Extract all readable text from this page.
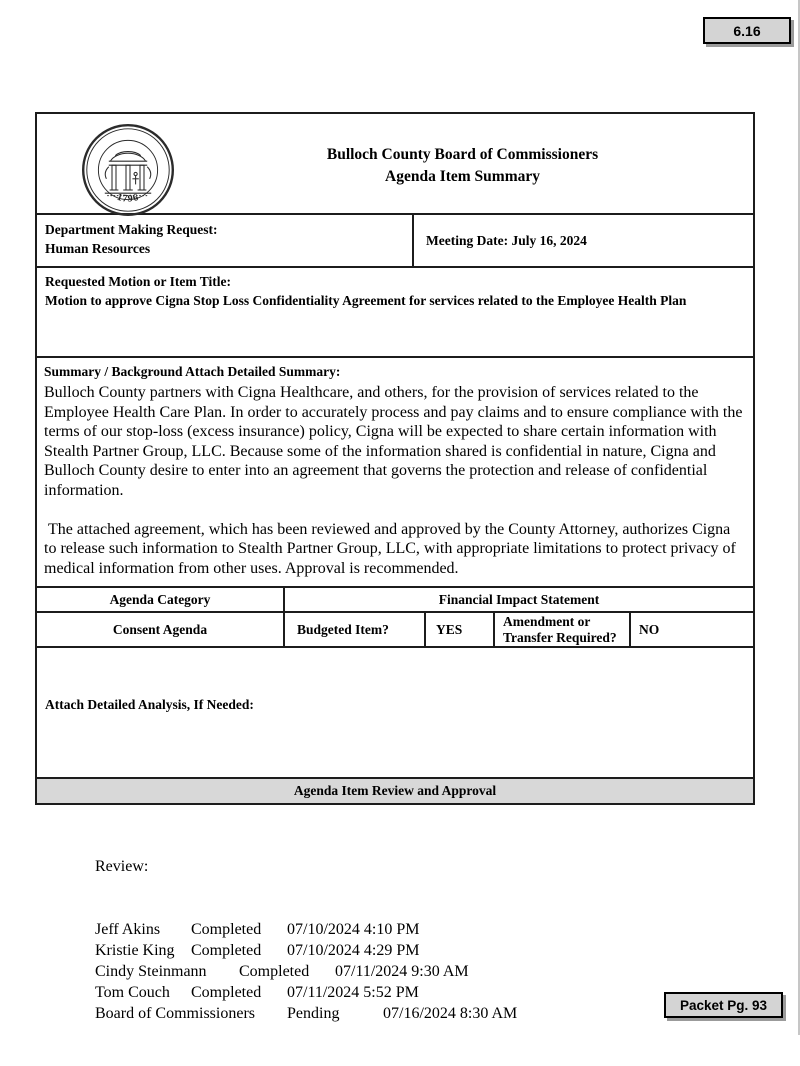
6.16
1796
Bulloch County Board of Commissioners
Agenda Item Summary
Department Making Request:
Human Resources
Meeting Date: July 16, 2024
Requested Motion or Item Title:
Motion to approve Cigna Stop Loss Confidentiality Agreement for services related to the Employee Health Plan
Summary / Background Attach Detailed Summary:
Bulloch County partners with Cigna Healthcare, and others, for the provision of services related to the Employee Health Care Plan. In order to accurately process and pay claims and to ensure compliance with the terms of our stop-loss (excess insurance) policy, Cigna will be expected to share certain information with Stealth Partner Group, LLC. Because some of the information shared is confidential in nature, Cigna and Bulloch County desire to enter into an agreement that governs the protection and release of confidential information.
The attached agreement, which has been reviewed and approved by the County Attorney, authorizes Cigna to release such information to Stealth Partner Group, LLC, with appropriate limitations to protect privacy of medical information from other uses. Approval is recommended.
Agenda Category	Financial Impact Statement			
Consent Agenda	Budgeted Item?	YES	Amendment or Transfer Required?	NO
Attach Detailed Analysis, If Needed:
Agenda Item Review and Approval

Review:

Jeff Akins	Completed	07/10/2024 4:10 PM
Kristie King	Completed	07/10/2024 4:29 PM
Cindy Steinmann	Completed	07/11/2024 9:30 AM
Tom Couch	Completed	07/11/2024 5:52 PM
Board of Commissioners	Pending	07/16/2024 8:30 AM

	Packet Pg. 93
